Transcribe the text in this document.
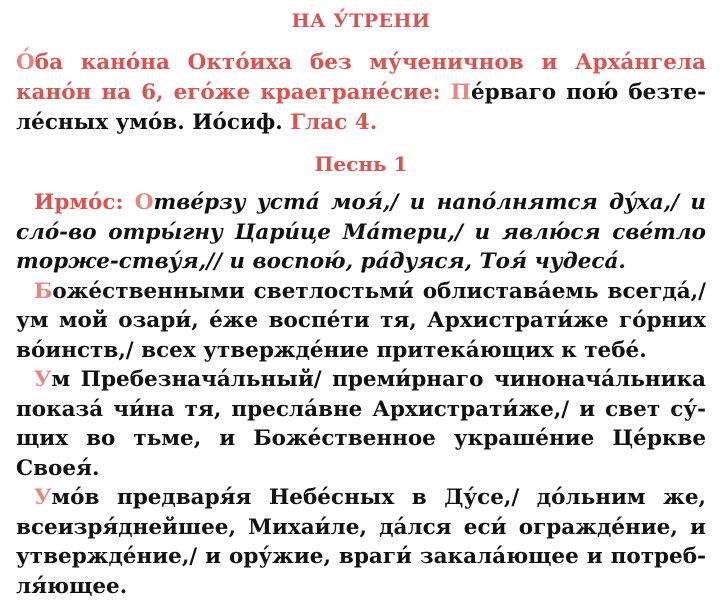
НА У́ТРЕНИ

О́ба кано́на Окто́иха без му́ченичнов и Арха́нгела кано́н на 6, его́же краегране́сие: Пе́рваго пою́ безте-ле́сных умо́в. Ио́сиф. Глас 4.

Песнь 1

Ирмо́с: Отве́рзу уста́ моя́,/ и напо́лнятся ду́ха,/ и сло́-во отры́гну Цари́це Ма́тери,/ и явлю́ся све́тло торже-ству́я,// и воспою́, ра́дуяся, Тоя́ чудеса́.

Боже́ственными светлостьми́ облистава́емь всегда́,/ ум мой озари́, е́же воспе́ти тя, Архистрати́же го́рних во́инств,/ всех утвержде́ние притека́ющих к тебе́.

Ум Пребезнача́льный/ преми́рнаго чинонача́льника показа́ чи́на тя, пресла́вне Архистрати́же,/ и свет су́-щих во тьме, и Боже́ственное украше́ние Це́ркве Своея́.

Умо́в предваря́я Небе́сных в Ду́се,/ до́льним же, всеизря́днейшее, Михаи́ле, да́лся еси́ огражде́ние, и утвержде́ние,/ и ору́жие, враги́ закала́ющее и потреб-ля́ющее.
